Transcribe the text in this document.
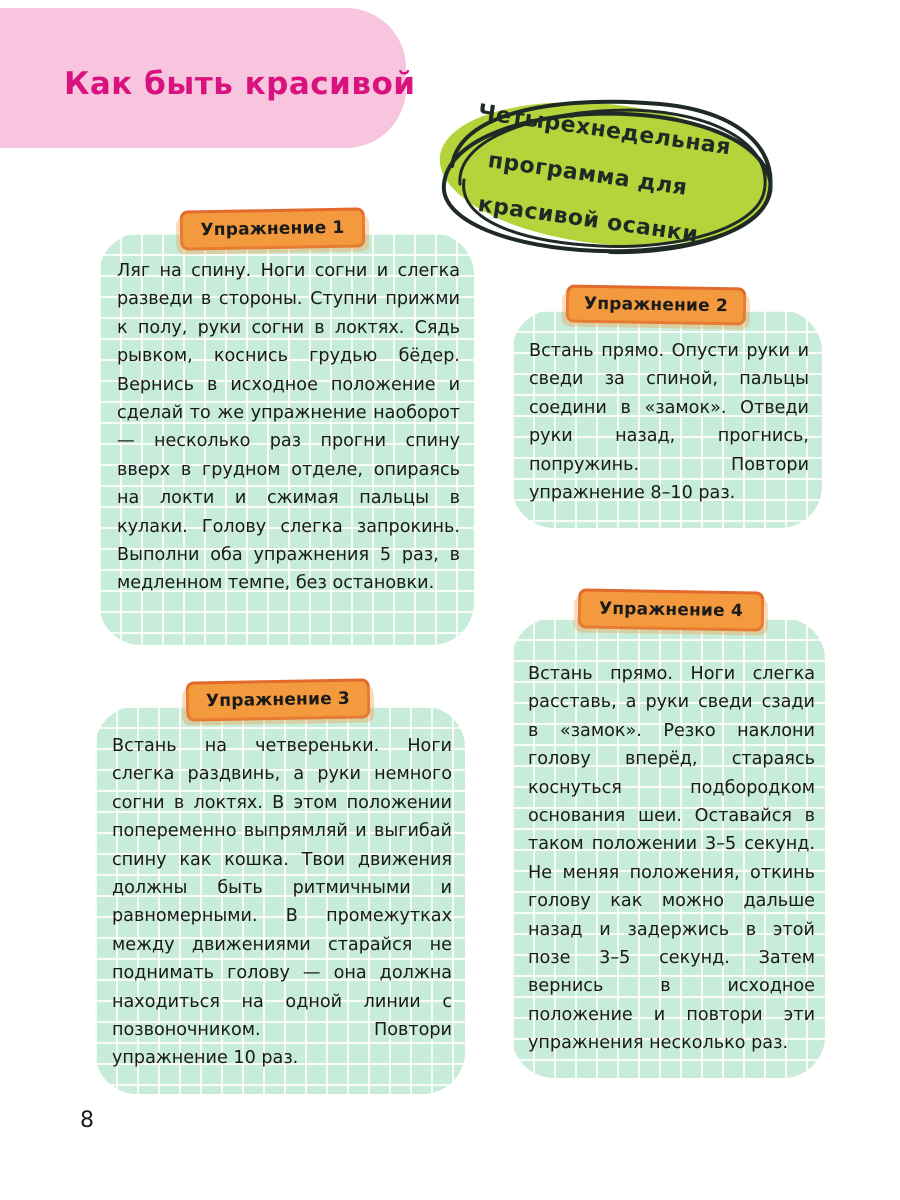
Как быть красивой
Четырёхнедельная
программа для
красивой осанки
Ляг на спину. Ноги согни и слегка разведи в стороны. Ступни прижми к полу, руки согни в локтях. Сядь рывком, коснись грудью бёдер. Вернись в исходное положение и сделай то же упражнение наоборот — несколько раз прогни спину вверх в грудном отделе, опираясь на локти и сжимая пальцы в кулаки. Голову слегка запрокинь. Выполни оба упражнения 5 раз, в медленном темпе, без остановки.
Упражнение 1
Встань прямо. Опусти руки и сведи за спиной, пальцы соедини в «замок». Отведи руки назад, прогнись, попружинь. Повтори упражнение 8–10 раз.
Упражнение 2
Встань на четвереньки. Ноги слегка раздвинь, а руки немного согни в локтях. В этом положении попеременно выпрямляй и выгибай спину как кошка. Твои движения должны быть ритмичными и равномерными. В промежутках между движениями старайся не поднимать голову — она должна находиться на одной линии с позвоночником. Повтори упражнение 10 раз.
Упражнение 3
Встань прямо. Ноги слегка расставь, а руки сведи сзади в «замок». Резко наклони голову вперёд, стараясь коснуться подбородком основания шеи. Оставайся в таком положении 3–5 секунд. Не меняя положения, откинь голову как можно дальше назад и задержись в этой позе 3–5 секунд. Затем вернись в исходное положение и повтори эти упражнения несколько раз.
Упражнение 4
8
